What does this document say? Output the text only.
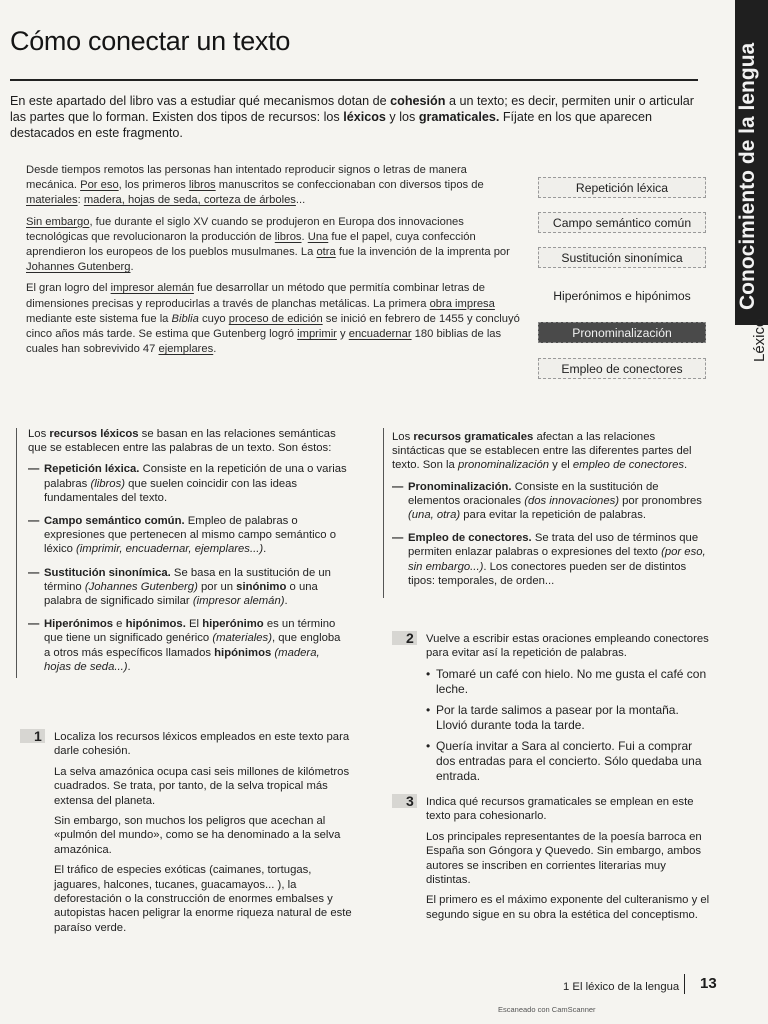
Cómo conectar un texto
En este apartado del libro vas a estudiar qué mecanismos dotan de cohesión a un texto; es decir, permiten unir o articular las partes que lo forman. Existen dos tipos de recursos: los léxicos y los gramaticales. Fíjate en los que aparecen destacados en este fragmento.

Desde tiempos remotos las personas han intentado reproducir signos o letras de manera mecánica. Por eso, los primeros libros manuscritos se confeccionaban con diversos tipos de materiales: madera, hojas de seda, corteza de árboles...

Sin embargo, fue durante el siglo XV cuando se produjeron en Europa dos innovaciones tecnológicas que revolucionaron la producción de libros. Una fue el papel, cuya confección aprendieron los europeos de los pueblos musulmanes. La otra fue la invención de la imprenta por Johannes Gutenberg.

El gran logro del impresor alemán fue desarrollar un método que permitía combinar letras de dimensiones precisas y reproducirlas a través de planchas metálicas. La primera obra impresa mediante este sistema fue la Biblia cuyo proceso de edición se inició en febrero de 1455 y concluyó cinco años más tarde. Se estima que Gutenberg logró imprimir y encuadernar 180 biblias de las cuales han sobrevivido 47 ejemplares.

Repetición léxica
Campo semántico común
Sustitución sinonímica
Hiperónimos e hipónimos
Pronominalización
Empleo de conectores
Léxico

Los recursos léxicos se basan en las relaciones semánticas que se establecen entre las palabras de un texto. Son éstos:

— Repetición léxica. Consiste en la repetición de una o varias palabras (libros) que suelen coincidir con las ideas fundamentales del texto.
— Campo semántico común. Empleo de palabras o expresiones que pertenecen al mismo campo semántico o léxico (imprimir, encuadernar, ejemplares...).
— Sustitución sinonímica. Se basa en la sustitución de un término (Johannes Gutenberg) por un sinónimo o una palabra de significado similar (impresor alemán).
— Hiperónimos e hipónimos. El hiperónimo es un término que tiene un significado genérico (materiales), que engloba a otros más específicos llamados hipónimos (madera, hojas de seda...).

Los recursos gramaticales afectan a las relaciones sintácticas que se establecen entre las diferentes partes del texto. Son la pronominalización y el empleo de conectores.

— Pronominalización. Consiste en la sustitución de elementos oracionales (dos innovaciones) por pronombres (una, otra) para evitar la repetición de palabras.
— Empleo de conectores. Se trata del uso de términos que permiten enlazar palabras o expresiones del texto (por eso, sin embargo...). Los conectores pueden ser de distintos tipos: temporales, de orden...
1 Localiza los recursos léxicos empleados en este texto para darle cohesión.

La selva amazónica ocupa casi seis millones de kilómetros cuadrados. Se trata, por tanto, de la selva tropical más extensa del planeta.

Sin embargo, son muchos los peligros que acechan al «pulmón del mundo», como se ha denominado a la selva amazónica.

El tráfico de especies exóticas (caimanes, tortugas, jaguares, halcones, tucanes, guacamayos... ), la deforestación o la construcción de enormes embalses y autopistas hacen peligrar la enorme riqueza natural de este paraíso verde.

2 Vuelve a escribir estas oraciones empleando conectores para evitar así la repetición de palabras.
• Tomaré un café con hielo. No me gusta el café con leche.
• Por la tarde salimos a pasear por la montaña. Llovió durante toda la tarde.
• Quería invitar a Sara al concierto. Fui a comprar dos entradas para el concierto. Sólo quedaba una entrada.
3 Indica qué recursos gramaticales se emplean en este texto para cohesionarlo.

Los principales representantes de la poesía barroca en España son Góngora y Quevedo. Sin embargo, ambos autores se inscriben en corrientes literarias muy distintas.

El primero es el máximo exponente del culteranismo y el segundo sigue en su obra la estética del conceptismo.

1 El léxico de la lengua 13
Escaneado con CamScanner
